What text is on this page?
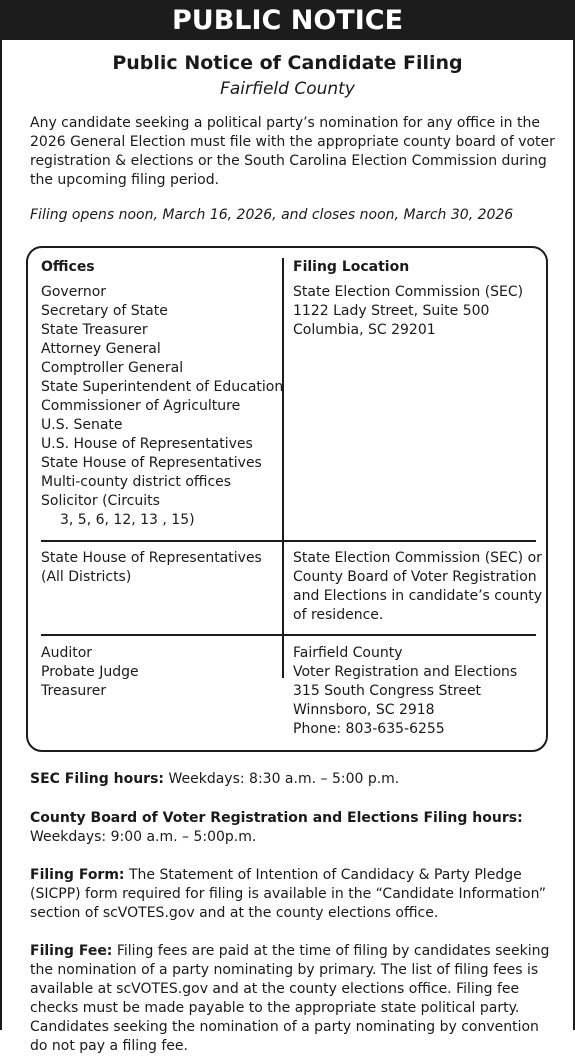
PUBLIC NOTICE
Public Notice of Candidate Filing
Fairfield County
Any candidate seeking a political party’s nomination for any office in the 2026 General Election must file with the appropriate county board of voter registration & elections or the South Carolina Election Commission during the upcoming filing period.
Filing opens noon, March 16, 2026, and closes noon, March 30, 2026
Offices	Filing Location
Governor
Secretary of State
State Treasurer
Attorney General
Comptroller General
State Superintendent of Education
Commissioner of Agriculture
U.S. Senate
U.S. House of Representatives
State House of Representatives
Multi-county district offices
Solicitor (Circuits
3, 5, 6, 12, 13 , 15)
State Election Commission (SEC)
1122 Lady Street, Suite 500
Columbia, SC 29201
State House of Representatives
(All Districts)
State Election Commission (SEC) or
County Board of Voter Registration
and Elections in candidate’s county
of residence.
Auditor
Probate Judge
Treasurer
Fairfield County
Voter Registration and Elections
315 South Congress Street
Winnsboro, SC 2918
Phone: 803-635-6255
SEC Filing hours: Weekdays: 8:30 a.m. – 5:00 p.m.
County Board of Voter Registration and Elections Filing hours:
Weekdays: 9:00 a.m. – 5:00p.m.
Filing Form: The Statement of Intention of Candidacy & Party Pledge (SICPP) form required for filing is available in the “Candidate Information” section of scVOTES.gov and at the county elections office.
Filing Fee: Filing fees are paid at the time of filing by candidates seeking the nomination of a party nominating by primary. The list of filing fees is available at scVOTES.gov and at the county elections office. Filing fee checks must be made payable to the appropriate state political party. Candidates seeking the nomination of a party nominating by convention do not pay a filing fee.
